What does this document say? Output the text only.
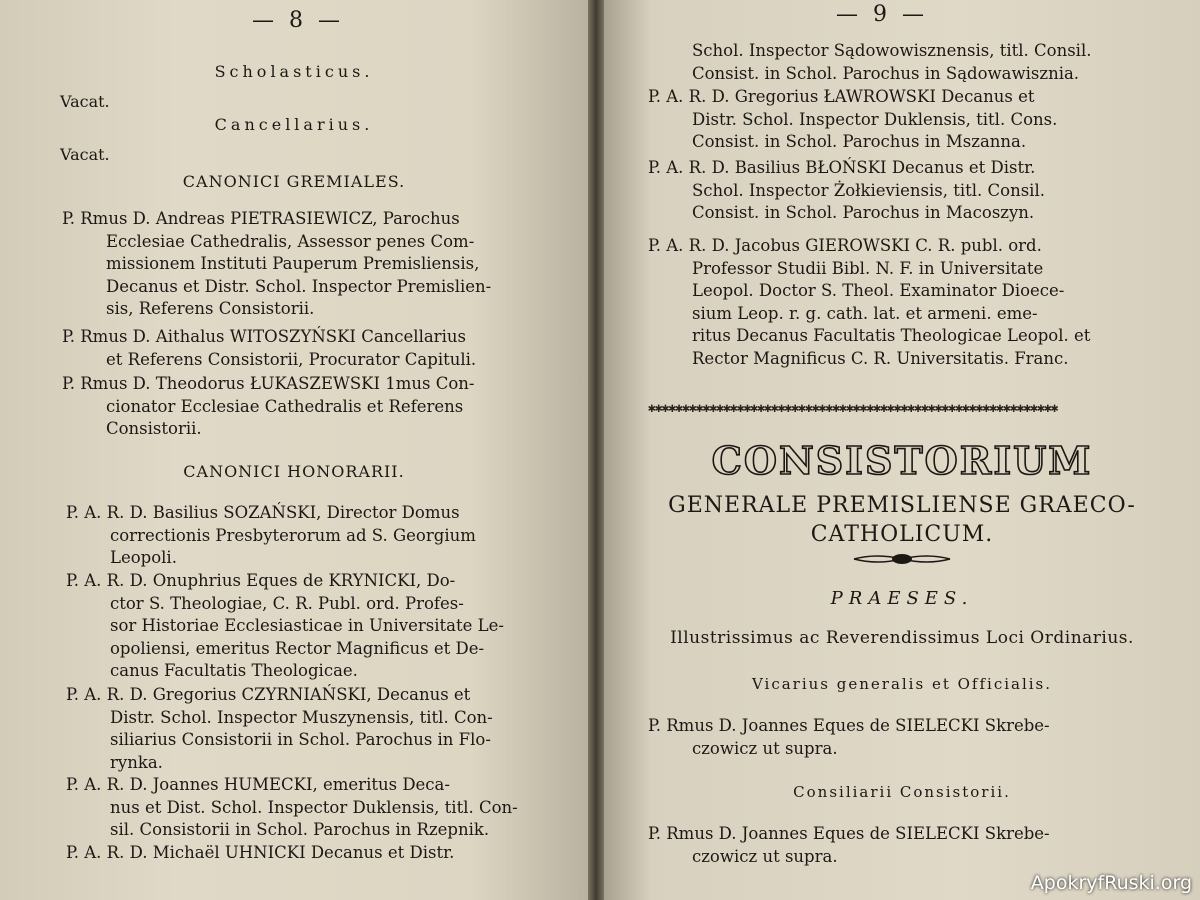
— 8 —
Scholasticus.
Vacat.
Cancellarius.
Vacat.
CANONICI GREMIALES.
P. Rmus D. Andreas PIETRASIEWICZ, Parochus
Ecclesiae Cathedralis, Assessor penes Com-
missionem Instituti Pauperum Premisliensis,
Decanus et Distr. Schol. Inspector Premislien-
sis, Referens Consistorii.
P. Rmus D. Aithalus WITOSZYŃSKI Cancellarius
et Referens Consistorii, Procurator Capituli.
P. Rmus D. Theodorus ŁUKASZEWSKI 1mus Con-
cionator Ecclesiae Cathedralis et Referens
Consistorii.
CANONICI HONORARII.
P. A. R. D. Basilius SOZAŃSKI, Director Domus
correctionis Presbyterorum ad S. Georgium
Leopoli.
P. A. R. D. Onuphrius Eques de KRYNICKI, Do-
ctor S. Theologiae, C. R. Publ. ord. Profes-
sor Historiae Ecclesiasticae in Universitate Le-
opoliensi, emeritus Rector Magnificus et De-
canus Facultatis Theologicae.
P. A. R. D. Gregorius CZYRNIAŃSKI, Decanus et
Distr. Schol. Inspector Muszynensis, titl. Con-
siliarius Consistorii in Schol. Parochus in Flo-
rynka.
P. A. R. D. Joannes HUMECKI, emeritus Deca-
nus et Dist. Schol. Inspector Duklensis, titl. Con-
sil. Consistorii in Schol. Parochus in Rzepnik.
P. A. R. D. Michaël UHNICKI Decanus et Distr.
— 9 —
Schol. Inspector Sądowowisznensis, titl. Consil.
Consist. in Schol. Parochus in Sądowawisznia.
P. A. R. D. Gregorius ŁAWROWSKI Decanus et
Distr. Schol. Inspector Duklensis, titl. Cons.
Consist. in Schol. Parochus in Mszanna.
P. A. R. D. Basilius BŁOŃSKI Decanus et Distr.
Schol. Inspector Żołkieviensis, titl. Consil.
Consist. in Schol. Parochus in Macoszyn.
P. A. R. D. Jacobus GIEROWSKI C. R. publ. ord.
Professor Studii Bibl. N. F. in Universitate
Leopol. Doctor S. Theol. Examinator Dioece-
sium Leop. r. g. cath. lat. et armeni. eme-
ritus Decanus Facultatis Theologicae Leopol. et
Rector Magnificus C. R. Universitatis. Franc.
✱✱✱✱✱✱✱✱✱✱✱✱✱✱✱✱✱✱✱✱✱✱✱✱✱✱✱✱✱✱✱✱✱✱✱✱✱✱✱✱✱✱✱✱✱✱✱✱✱✱✱✱✱✱✱✱✱✱✱✱
CONSISTORIUM
GENERALE PREMISLIENSE GRAECO-
CATHOLICUM.
PRAESES.
Illustrissimus ac Reverendissimus Loci Ordinarius.
Vicarius generalis et Officialis.
P. Rmus D. Joannes Eques de SIELECKI Skrebe-
czowicz ut supra.
Consiliarii Consistorii.
P. Rmus D. Joannes Eques de SIELECKI Skrebe-
czowicz ut supra.
ApokryfRuski.org
